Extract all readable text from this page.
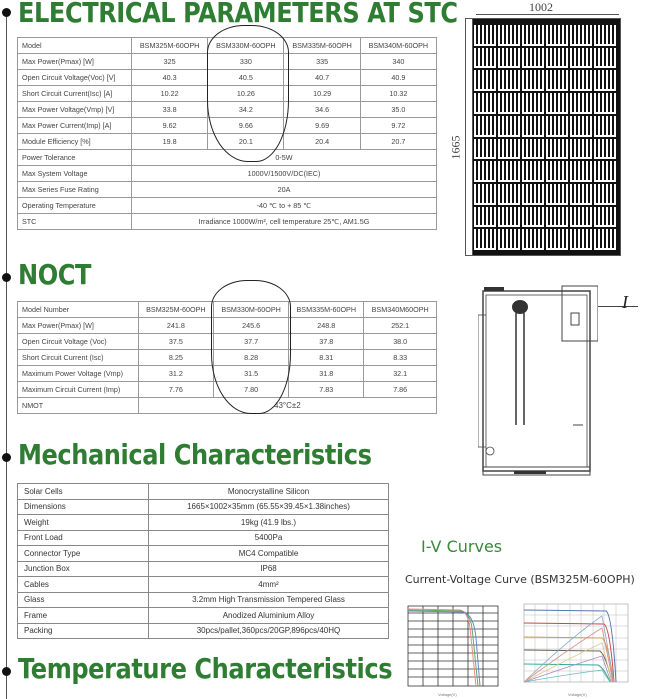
ELECTRICAL PARAMETERS AT STC
Model	BSM325M-60OPH	BSM330M-60OPH	BSM335M-60OPH	BSM340M-60OPH
Max Power(Pmax) [W]	325	330	335	340
Open Circuit Voltage(Voc) [V]	40.3	40.5	40.7	40.9
Short Circuit Current(Isc) [A]	10.22	10.26	10.29	10.32
Max Power Voltage(Vmp) [V]	33.8	34.2	34.6	35.0
Max Power Current(Imp) [A]	9.62	9.66	9.69	9.72
Module Efficiency [%]	19.8	20.1	20.4	20.7
Power Tolerance	0-5W			
Max System Voltage	1000V/1500V/DC(IEC)			
Max Series Fuse Rating	20A			
Operating Temperature	-40 ℃ to + 85 ℃			
STC	Irradiance 1000W/m², cell temperature 25℃, AM1.5G			
NOCT
Model Number	BSM325M-60OPH	BSM330M-60OPH	BSM335M-60OPH	BSM340M60OPH
Max Power(Pmax) [W]	241.8	245.6	248.8	252.1
Open Circuit Voltage (Voc)	37.5	37.7	37.8	38.0
Short Circuit Current (Isc)	8.25	8.28	8.31	8.33
Maximum Power Voltage (Vmp)	31.2	31.5	31.8	32.1
Maximum Circuit Current (Imp)	7.76	7.80	7.83	7.86
NMOT	43°C±2			
Mechanical Characteristics
Solar Cells	Monocrystalline Silicon
Dimensions	1665×1002×35mm (65.55×39.45×1.38inches)
Weight	19kg (41.9 lbs.)
Front Load	5400Pa
Connector Type	MC4 Compatible
Junction Box	IP68
Cables	4mm²
Glass	3.2mm High Transmission Tempered Glass
Frame	Anodized Aluminium Alloy
Packing	30pcs/pallet,360pcs/20GP,896pcs/40HQ
Temperature Characteristics
1002
1665
I
I-V Curves
Current-Voltage Curve (BSM325M-60OPH)
Voltage(V)	Voltage(V)
